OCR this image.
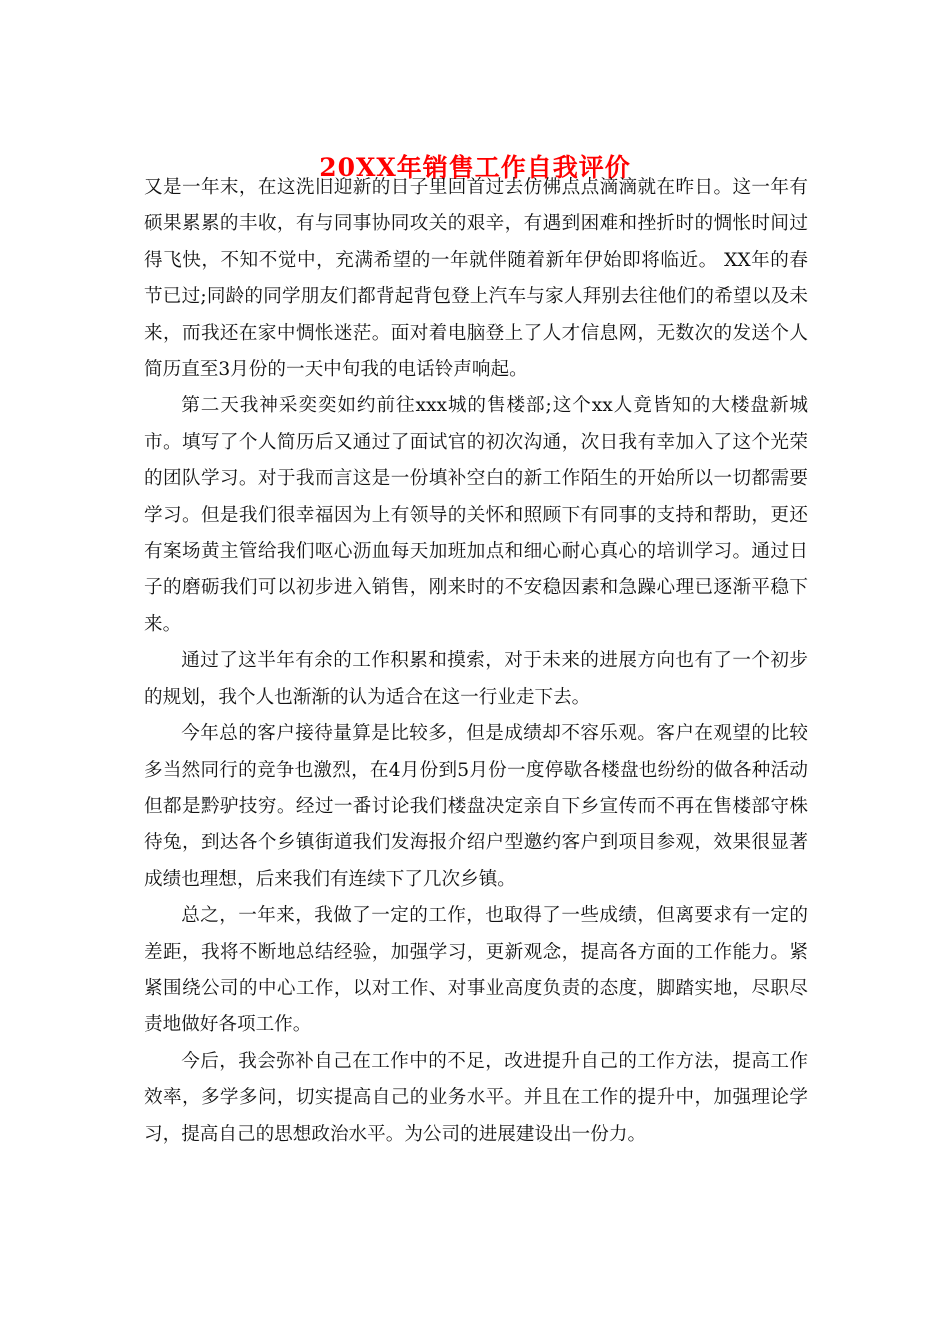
20XX年销售工作自我评价

又是一年末，在这洗旧迎新的日子里回首过去仿佛点点滴滴就在昨日。这一年有硕果累累的丰收，有与同事协同攻关的艰辛，有遇到困难和挫折时的惆怅时间过得飞快，不知不觉中，充满希望的一年就伴随着新年伊始即将临近。 XX年的春节已过;同龄的同学朋友们都背起背包登上汽车与家人拜别去往他们的希望以及未来，而我还在家中惆怅迷茫。面对着电脑登上了人才信息网，无数次的发送个人简历直至3月份的一天中旬我的电话铃声响起。

第二天我神采奕奕如约前往xxx城的售楼部;这个xx人竟皆知的大楼盘新城市。填写了个人简历后又通过了面试官的初次沟通，次日我有幸加入了这个光荣的团队学习。对于我而言这是一份填补空白的新工作陌生的开始所以一切都需要学习。但是我们很幸福因为上有领导的关怀和照顾下有同事的支持和帮助，更还有案场黄主管给我们呕心沥血每天加班加点和细心耐心真心的培训学习。通过日子的磨砺我们可以初步进入销售，刚来时的不安稳因素和急躁心理已逐渐平稳下来。

通过了这半年有余的工作积累和摸索，对于未来的进展方向也有了一个初步的规划，我个人也渐渐的认为适合在这一行业走下去。

今年总的客户接待量算是比较多，但是成绩却不容乐观。客户在观望的比较多当然同行的竞争也激烈，在4月份到5月份一度停歇各楼盘也纷纷的做各种活动但都是黔驴技穷。经过一番讨论我们楼盘决定亲自下乡宣传而不再在售楼部守株待兔，到达各个乡镇街道我们发海报介绍户型邀约客户到项目参观，效果很显著成绩也理想，后来我们有连续下了几次乡镇。

总之，一年来，我做了一定的工作，也取得了一些成绩，但离要求有一定的差距，我将不断地总结经验，加强学习，更新观念，提高各方面的工作能力。紧紧围绕公司的中心工作，以对工作、对事业高度负责的态度，脚踏实地，尽职尽责地做好各项工作。

今后，我会弥补自己在工作中的不足，改进提升自己的工作方法，提高工作效率，多学多问，切实提高自己的业务水平。并且在工作的提升中，加强理论学习，提高自己的思想政治水平。为公司的进展建设出一份力。
